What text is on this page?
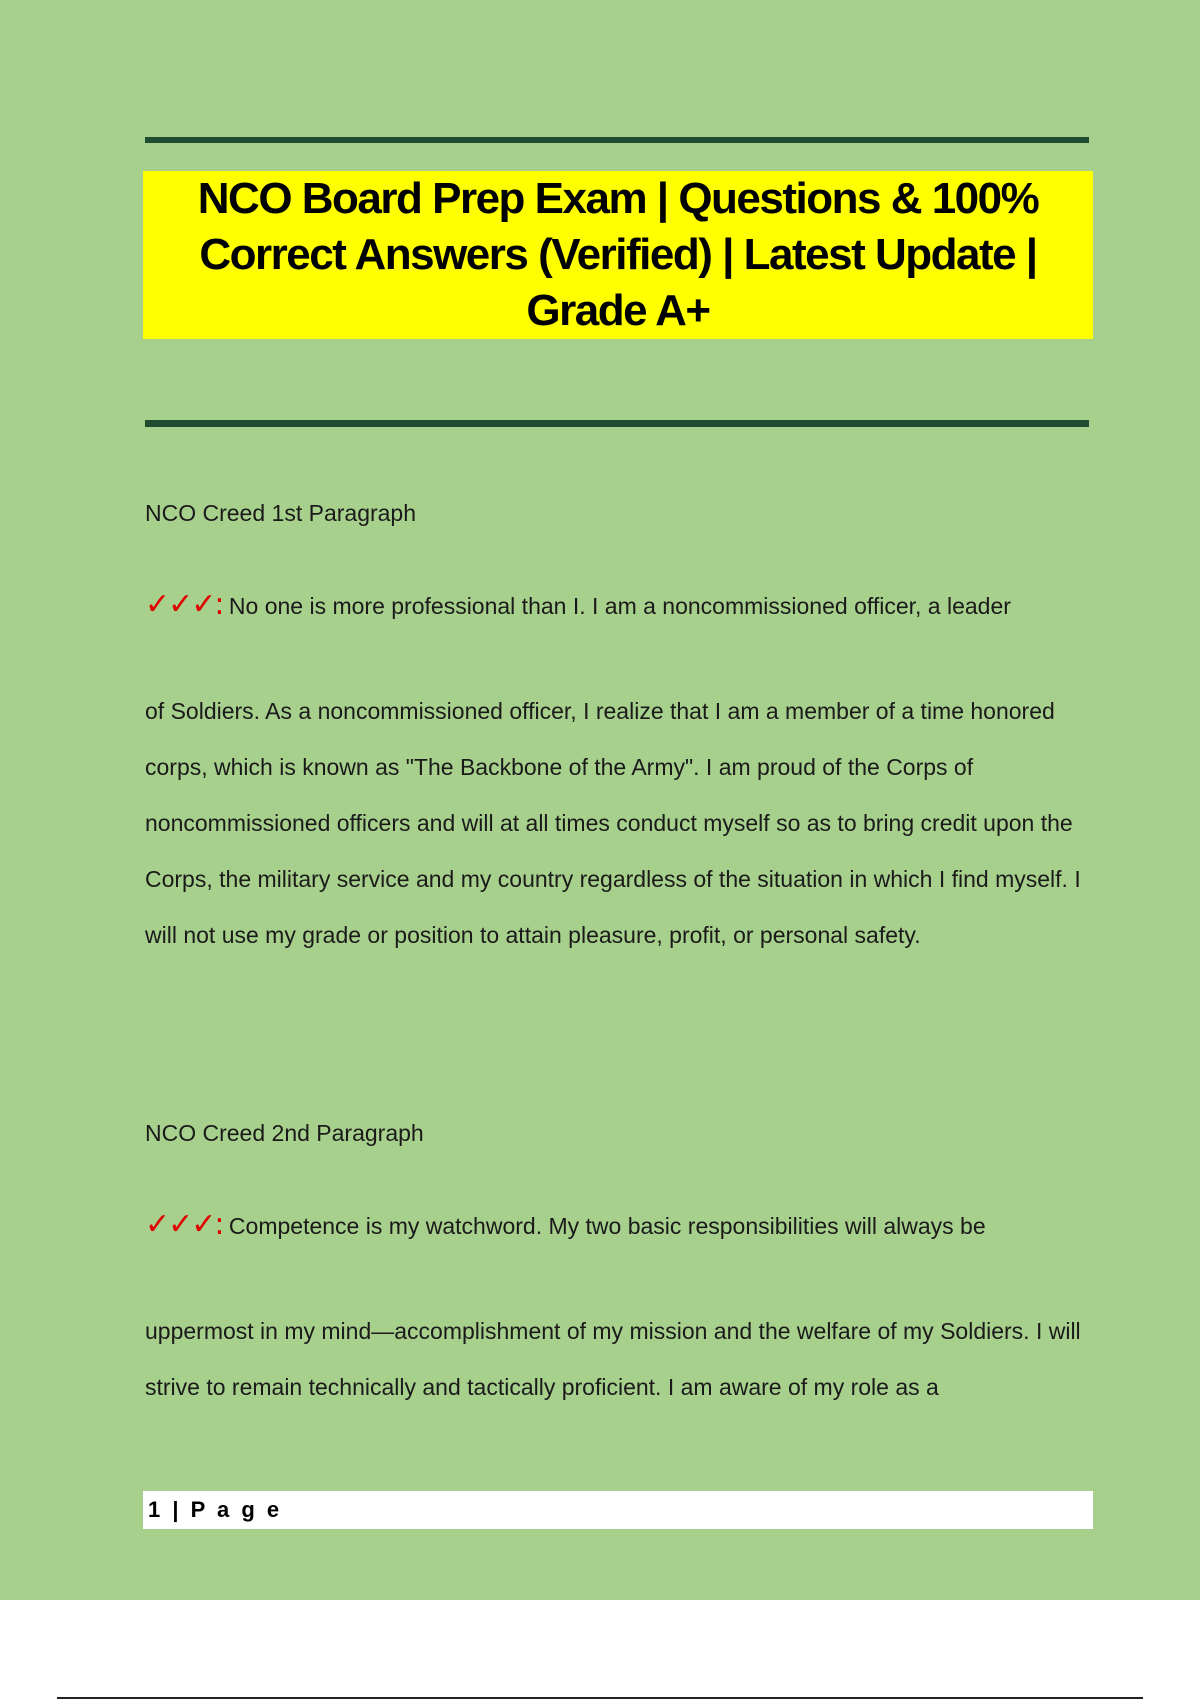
NCO Board Prep Exam | Questions & 100% Correct Answers (Verified) | Latest Update | Grade A+

NCO Creed 1st Paragraph

✓✓✓: No one is more professional than I. I am a noncommissioned officer, a leader

of Soldiers. As a noncommissioned officer, I realize that I am a member of a time honored corps, which is known as "The Backbone of the Army". I am proud of the Corps of noncommissioned officers and will at all times conduct myself so as to bring credit upon the Corps, the military service and my country regardless of the situation in which I find myself. I will not use my grade or position to attain pleasure, profit, or personal safety.

NCO Creed 2nd Paragraph

✓✓✓: Competence is my watchword. My two basic responsibilities will always be

uppermost in my mind—accomplishment of my mission and the welfare of my Soldiers. I will strive to remain technically and tactically proficient. I am aware of my role as a

1 | P a g e
